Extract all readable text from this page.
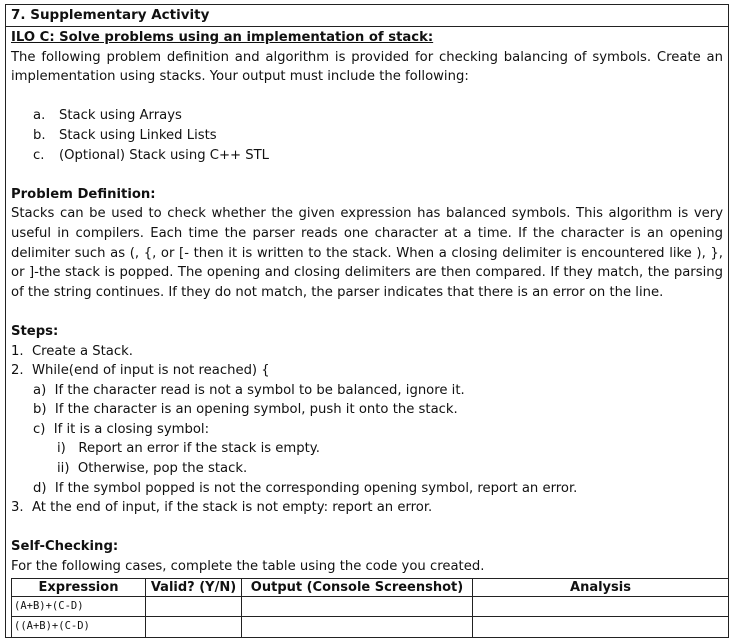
7. Supplementary Activity
ILO C: Solve problems using an implementation of stack:
The following problem definition and algorithm is provided for checking balancing of symbols. Create an implementation using stacks. Your output must include the following:
a.	Stack using Arrays
b.	Stack using Linked Lists
c.	(Optional) Stack using C++ STL
Problem Definition:
Stacks can be used to check whether the given expression has balanced symbols. This algorithm is very useful in compilers. Each time the parser reads one character at a time. If the character is an opening delimiter such as (, {, or [- then it is written to the stack. When a closing delimiter is encountered like ), }, or ]-the stack is popped. The opening and closing delimiters are then compared. If they match, the parsing of the string continues. If they do not match, the parser indicates that there is an error on the line.
Steps:
1.  Create a Stack.
2.  While(end of input is not reached) {
a)  If the character read is not a symbol to be balanced, ignore it.
b)  If the character is an opening symbol, push it onto the stack.
c)  If it is a closing symbol:
i)   Report an error if the stack is empty.
ii)  Otherwise, pop the stack.
d)  If the symbol popped is not the corresponding opening symbol, report an error.
3.  At the end of input, if the stack is not empty: report an error.
Self-Checking:
For the following cases, complete the table using the code you created.
Expression	Valid? (Y/N)	Output (Console Screenshot)	Analysis
(A+B)+(C-D)			
((A+B)+(C-D)			
